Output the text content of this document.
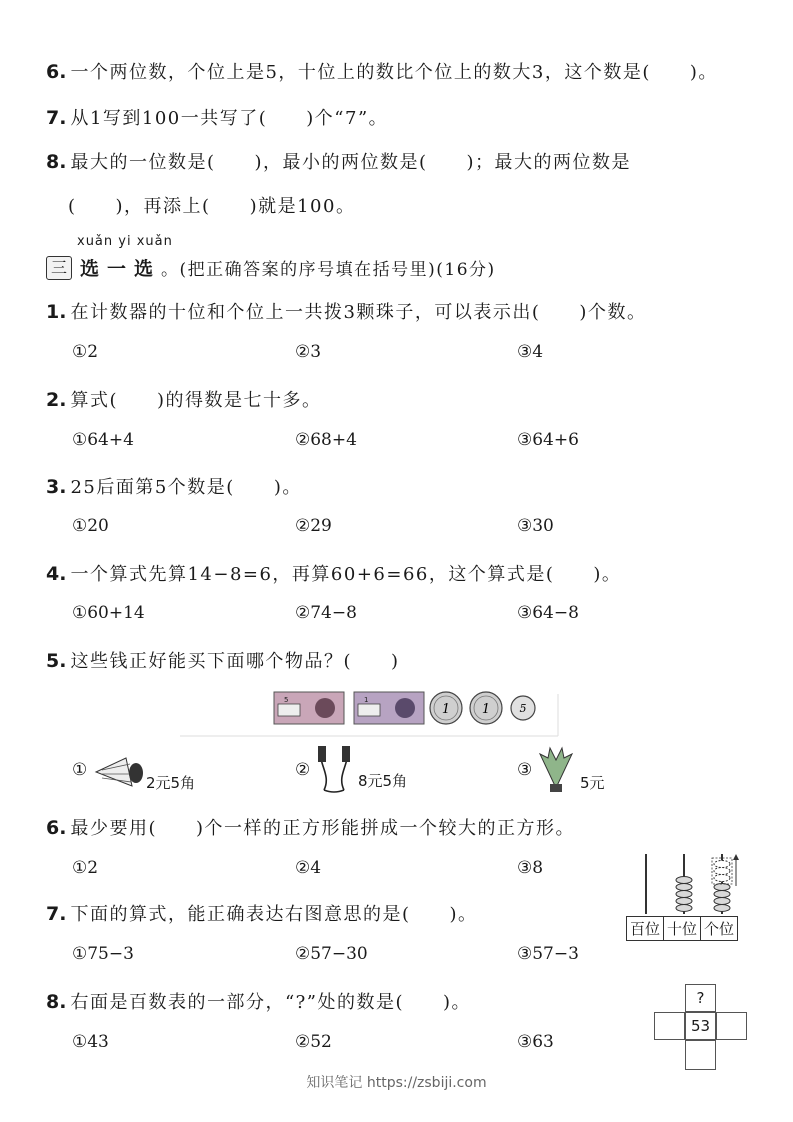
6. 一个两位数，个位上是5，十位上的数比个位上的数大3，这个数是(　　)。
7. 从1写到100一共写了(　　)个“7”。
8. 最大的一位数是(　　)，最小的两位数是(　　)；最大的两位数是
(　　)，再添上(　　)就是100。
xuǎn yi xuǎn
三 选一选 。(把正确答案的序号填在括号里)(16分)
1. 在计数器的十位和个位上一共拨3颗珠子，可以表示出(　　)个数。
①2	②3	③4
2. 算式(　　)的得数是七十多。
①64+4	②68+4	③64+6
3. 25后面第5个数是(　　)。
①20	②29	③30
4. 一个算式先算14−8=6，再算60+6=66，这个算式是(　　)。
①60+14	②74−8	③64−8
5. 这些钱正好能买下面哪个物品？(　　)
5	1
1 1	5
①
2元5角
②
8元5角
③
5元
6. 最少要用(　　)个一样的正方形能拼成一个较大的正方形。
①2	②4	③8
百位 十位 个位
7. 下面的算式，能正确表达右图意思的是(　　)。
①75−3	②57−30	③57−3
8. 右面是百数表的一部分，“?”处的数是(　　)。
①43	②52	③63
?
53
知识笔记 https://zsbiji.com
